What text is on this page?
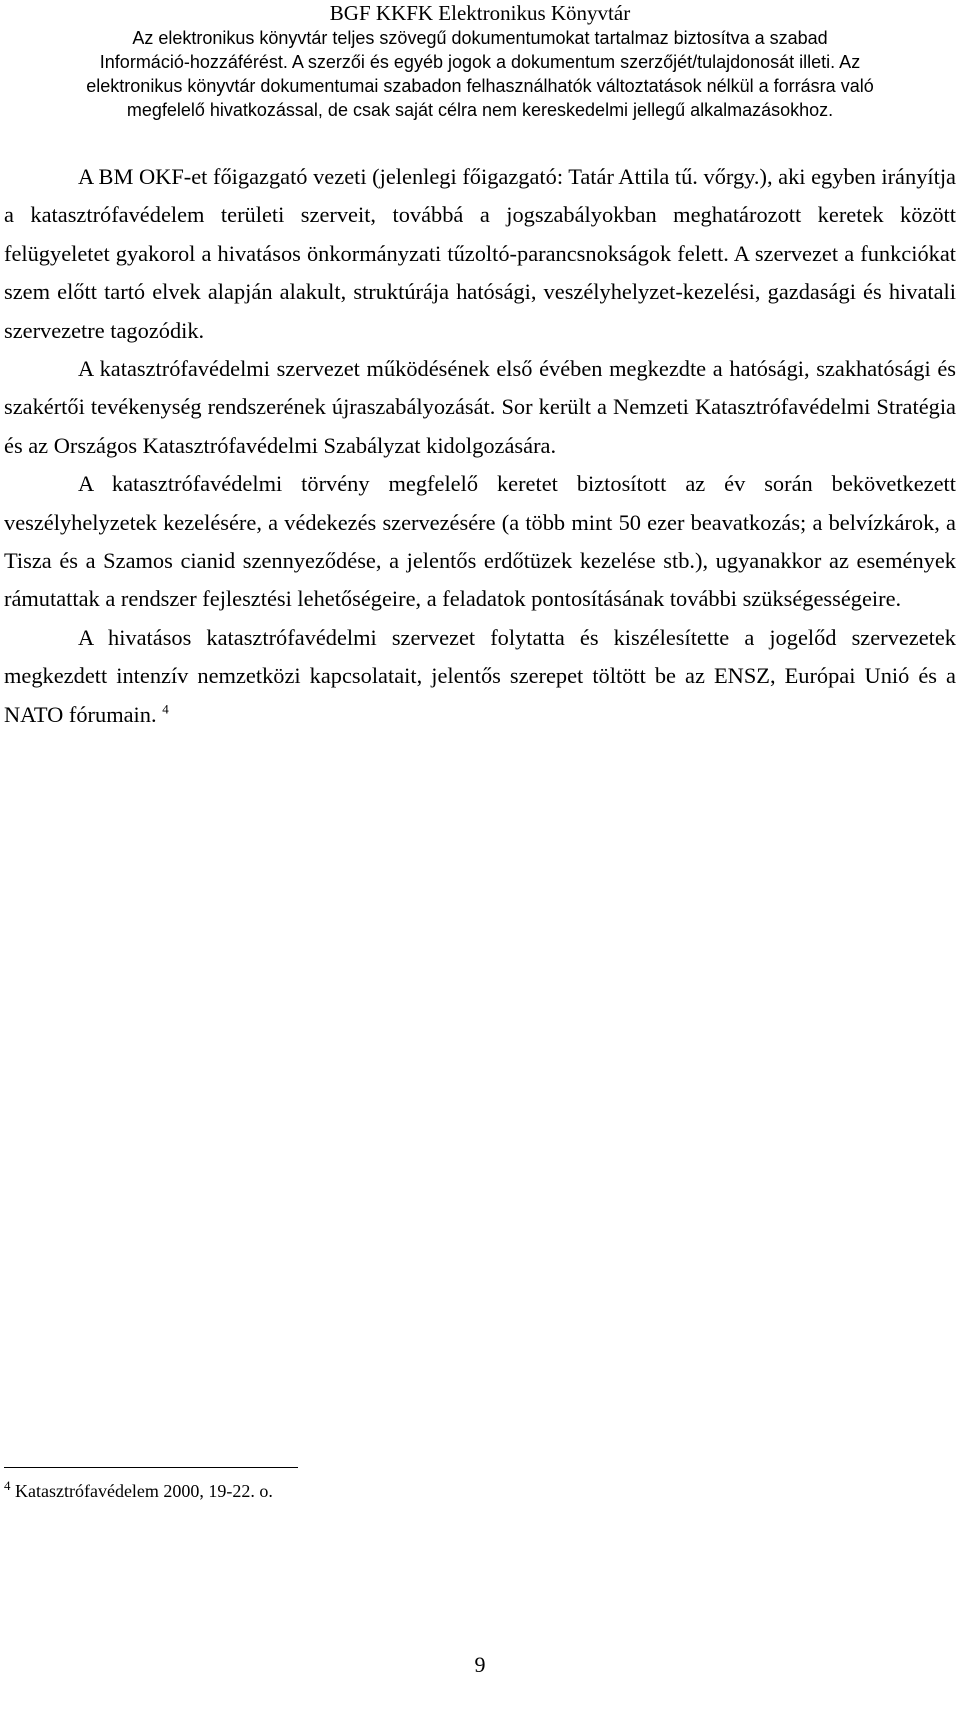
BGF KKFK Elektronikus Könyvtár
Az elektronikus könyvtár teljes szövegű dokumentumokat tartalmaz biztosítva a szabad
Információ-hozzáférést. A szerzői és egyéb jogok a dokumentum szerzőjét/tulajdonosát illeti. Az
elektronikus könyvtár dokumentumai szabadon felhasználhatók változtatások nélkül a forrásra való
megfelelő hivatkozással, de csak saját célra nem kereskedelmi jellegű alkalmazásokhoz.

A BM OKF-et főigazgató vezeti (jelenlegi főigazgató: Tatár Attila tű. vőrgy.), aki egyben irányítja a katasztrófavédelem területi szerveit, továbbá a jogszabályokban meghatározott keretek között felügyeletet gyakorol a hivatásos önkormányzati tűzoltó-parancsnokságok felett. A szervezet a funkciókat szem előtt tartó elvek alapján alakult, struktúrája hatósági, veszélyhelyzet-kezelési, gazdasági és hivatali szervezetre tagozódik.

A katasztrófavédelmi szervezet működésének első évében megkezdte a hatósági, szakhatósági és szakértői tevékenység rendszerének újraszabályozását. Sor került a Nemzeti Katasztrófavédelmi Stratégia és az Országos Katasztrófavédelmi Szabályzat kidolgozására.

A katasztrófavédelmi törvény megfelelő keretet biztosított az év során bekövetkezett veszélyhelyzetek kezelésére, a védekezés szervezésére (a több mint 50 ezer beavatkozás; a belvízkárok, a Tisza és a Szamos cianid szennyeződése, a jelentős erdőtüzek kezelése stb.), ugyanakkor az események rámutattak a rendszer fejlesztési lehetőségeire, a feladatok pontosításának további szükségességeire.

A hivatásos katasztrófavédelmi szervezet folytatta és kiszélesítette a jogelőd szervezetek megkezdett intenzív nemzetközi kapcsolatait, jelentős szerepet töltött be az ENSZ, Európai Unió és a NATO fórumain. $^4$

$^4$ Katasztrófavédelem 2000, 19-22. o.
9
